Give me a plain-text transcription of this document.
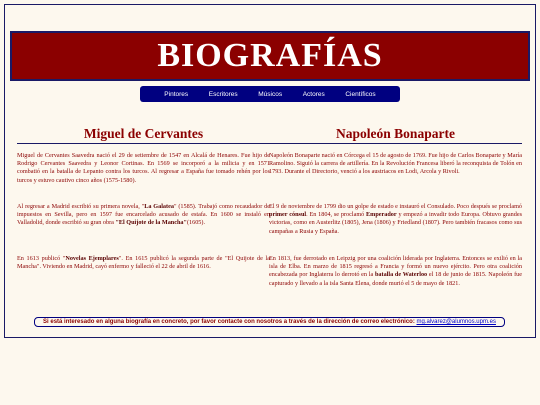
BIOGRAFÍAS
Pintores	Escritores	Músicos	Actores	Científicos
Miguel de Cervantes

Miguel de Cervantes Saavedra nació el 29 de setiembre de 1547 en Alcalá de Henares. Fue hijo de Rodrigo Cervantes Saavedra y Leonor Cortinas. En 1569 se incorporó a la milicia y en 1571 combatió en la batalla de Lepanto contra los turcos. Al regresar a España fue tomado rehén por los turcos y estuvo cautivo cinco años (1575-1580).

Al regresar a Madrid escribió su primera novela, "La Galatea" (1585). Trabajó como recaudador de impuestos en Sevilla, pero en 1597 fue encarcelado acusado de estafa. En 1600 se instaló en Valladolid, donde escribió su gran obra "El Quijote de la Mancha"(1605).

En 1613 publicó "Novelas Ejemplares". En 1615 publicó la segunda parte de "El Quijote de la Mancha". Viviendo en Madrid, cayó enfermo y falleció el 22 de abril de 1616.

Napoleón Bonaparte

Napoleón Bonaparte nació en Córcega el 15 de agosto de 1769. Fue hijo de Carlos Bonaparte y María Ramolino. Siguió la carrera de artillería. En la Revolución Francesa liberó la reconquista de Tolón en 1793. Durante el Directorio, venció a los austriacos en Lodi, Arcola y Rivoli.

El 9 de noviembre de 1799 dio un golpe de estado e instauró el Consulado. Poco después se proclamó primer cónsul. En 1804, se proclamó Emperador y empezó a invadir todo Europa. Obtuvo grandes victorias, como en Austerlitz (1805), Jena (1806) y Friedland (1807). Pero también fracasos como sus campañas a Rusia y España.

En 1813, fue derrotado en Leipzig por una coalición liderada por Inglaterra. Entonces se exilió en la isla de Elba. En marzo de 1815 regresó a Francia y formó un nuevo ejército. Pero otra coalición encabezada por Inglaterra lo derrotó en la batalla de Waterloo el 18 de junio de 1815. Napoleón fue capturado y llevado a la isla Santa Elena, donde murió el 5 de mayo de 1821.

Si está interesado en alguna biografía en concreto, por favor contacte con nosotros a través de la dirección de correo electrónico: mg.alvarez@alumnos.upm.es
